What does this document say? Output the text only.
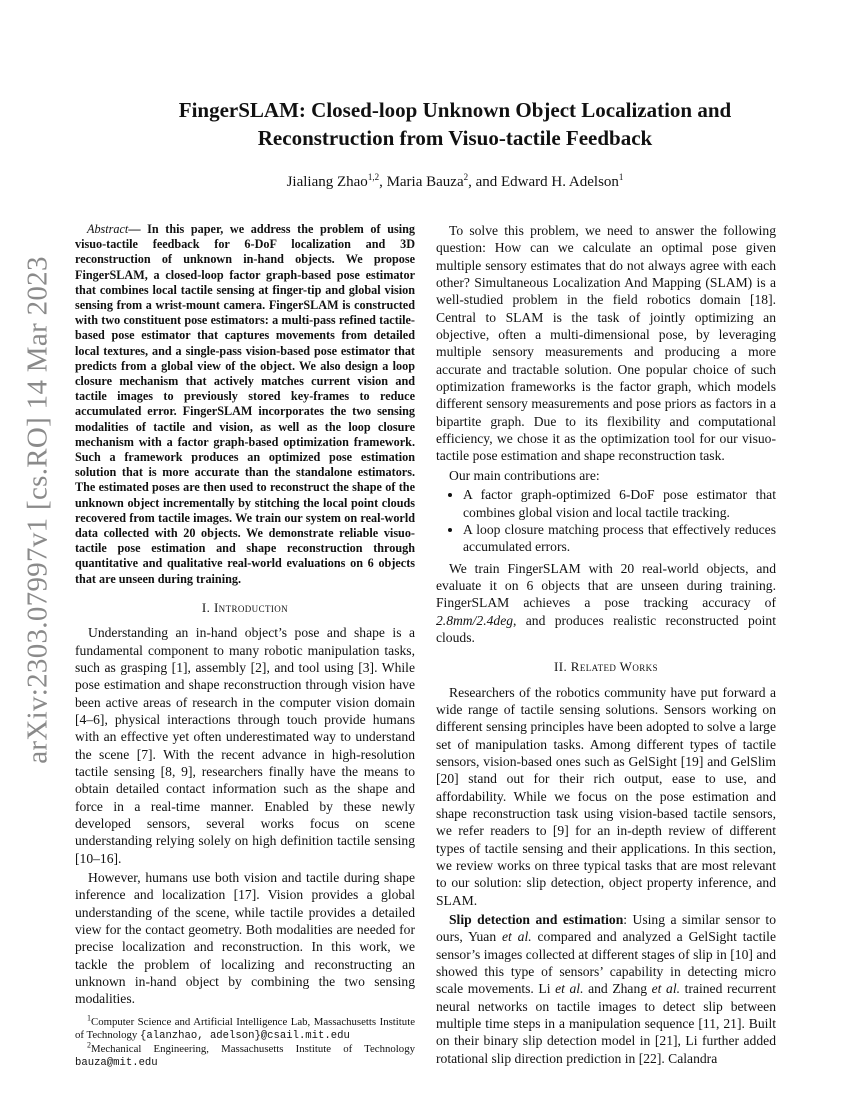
arXiv:2303.07997v1 [cs.RO] 14 Mar 2023
FingerSLAM: Closed-loop Unknown Object Localization and
Reconstruction from Visuo-tactile Feedback
Jialiang Zhao$^{1,2}$, Maria Bauza$^2$, and Edward H. Adelson$^1$
Abstract— In this paper, we address the problem of using visuo-tactile feedback for 6-DoF localization and 3D reconstruction of unknown in-hand objects. We propose FingerSLAM, a closed-loop factor graph-based pose estimator that combines local tactile sensing at finger-tip and global vision sensing from a wrist-mount camera. FingerSLAM is constructed with two constituent pose estimators: a multi-pass refined tactile-based pose estimator that captures movements from detailed local textures, and a single-pass vision-based pose estimator that predicts from a global view of the object. We also design a loop closure mechanism that actively matches current vision and tactile images to previously stored key-frames to reduce accumulated error. FingerSLAM incorporates the two sensing modalities of tactile and vision, as well as the loop closure mechanism with a factor graph-based optimization framework. Such a framework produces an optimized pose estimation solution that is more accurate than the standalone estimators. The estimated poses are then used to reconstruct the shape of the unknown object incrementally by stitching the local point clouds recovered from tactile images. We train our system on real-world data collected with 20 objects. We demonstrate reliable visuo-tactile pose estimation and shape reconstruction through quantitative and qualitative real-world evaluations on 6 objects that are unseen during training.
I. Introduction

Understanding an in-hand object’s pose and shape is a fundamental component to many robotic manipulation tasks, such as grasping [1], assembly [2], and tool using [3]. While pose estimation and shape reconstruction through vision have been active areas of research in the computer vision domain [4–6], physical interactions through touch provide humans with an effective yet often underestimated way to understand the scene [7]. With the recent advance in high-resolution tactile sensing [8, 9], researchers finally have the means to obtain detailed contact information such as the shape and force in a real-time manner. Enabled by these newly developed sensors, several works focus on scene understanding relying solely on high definition tactile sensing [10–16].

However, humans use both vision and tactile during shape inference and localization [17]. Vision provides a global understanding of the scene, while tactile provides a detailed view for the contact geometry. Both modalities are needed for precise localization and reconstruction. In this work, we tackle the problem of localizing and reconstructing an unknown in-hand object by combining the two sensing modalities.

$^1$Computer Science and Artificial Intelligence Lab, Massachusetts Institute of Technology {alanzhao, adelson}@csail.mit.edu
$^2$Mechanical Engineering, Massachusetts Institute of Technology bauza@mit.edu

To solve this problem, we need to answer the following question: How can we calculate an optimal pose given multiple sensory estimates that do not always agree with each other? Simultaneous Localization And Mapping (SLAM) is a well-studied problem in the field robotics domain [18]. Central to SLAM is the task of jointly optimizing an objective, often a multi-dimensional pose, by leveraging multiple sensory measurements and producing a more accurate and tractable solution. One popular choice of such optimization frameworks is the factor graph, which models different sensory measurements and pose priors as factors in a bipartite graph. Due to its flexibility and computational efficiency, we chose it as the optimization tool for our visuo-tactile pose estimation and shape reconstruction task.

Our main contributions are:

• A factor graph-optimized 6-DoF pose estimator that combines global vision and local tactile tracking.
• A loop closure matching process that effectively reduces accumulated errors.

We train FingerSLAM with 20 real-world objects, and evaluate it on 6 objects that are unseen during training. FingerSLAM achieves a pose tracking accuracy of 2.8mm/2.4deg, and produces realistic reconstructed point clouds.

II. Related Works

Researchers of the robotics community have put forward a wide range of tactile sensing solutions. Sensors working on different sensing principles have been adopted to solve a large set of manipulation tasks. Among different types of tactile sensors, vision-based ones such as GelSight [19] and GelSlim [20] stand out for their rich output, ease to use, and affordability. While we focus on the pose estimation and shape reconstruction task using vision-based tactile sensors, we refer readers to [9] for an in-depth review of different types of tactile sensing and their applications. In this section, we review works on three typical tasks that are most relevant to our solution: slip detection, object property inference, and SLAM.

Slip detection and estimation: Using a similar sensor to ours, Yuan et al. compared and analyzed a GelSight tactile sensor’s images collected at different stages of slip in [10] and showed this type of sensors’ capability in detecting micro scale movements. Li et al. and Zhang et al. trained recurrent neural networks on tactile images to detect slip between multiple time steps in a manipulation sequence [11, 21]. Built on their binary slip detection model in [21], Li further added rotational slip direction prediction in [22]. Calandra
